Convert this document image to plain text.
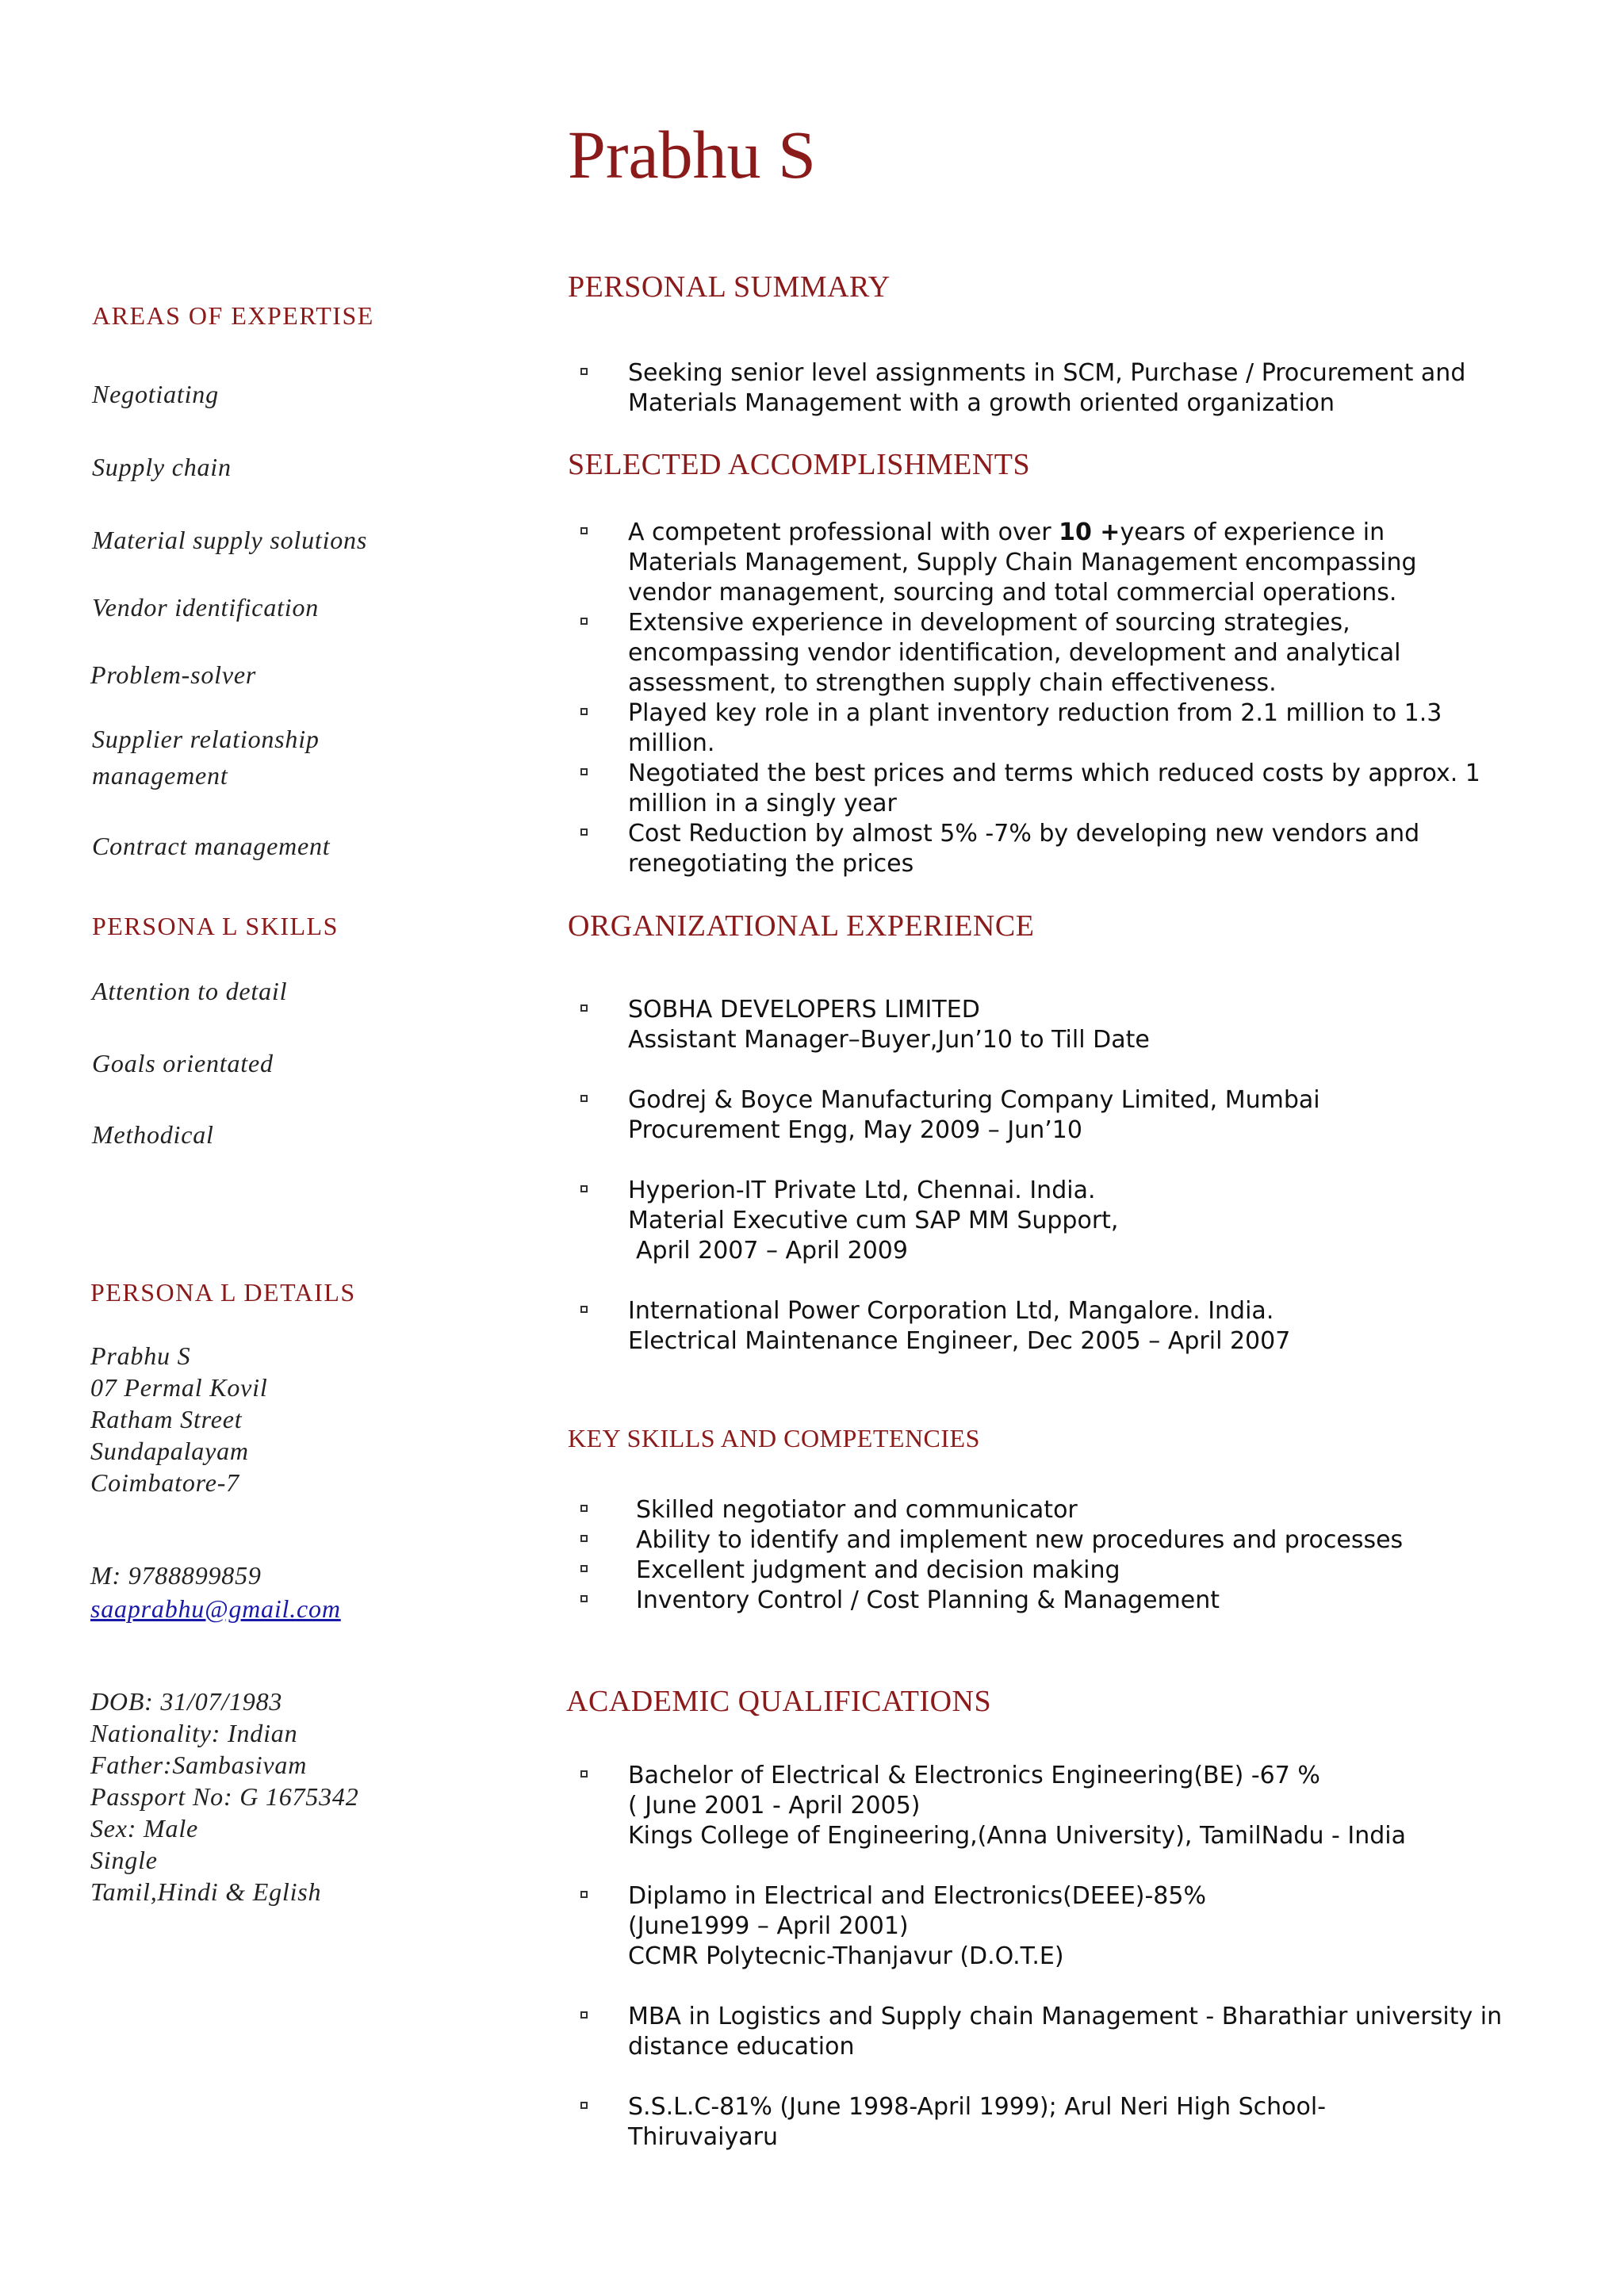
Prabhu S
AREAS OF EXPERTISE
Negotiating
Supply chain
Material supply solutions
Vendor identification
Problem-solver
Supplier relationship management
Contract management
PERSONA L SKILLS
Attention to detail
Goals orientated
Methodical
PERSONA L DETAILS
Prabhu S
07 Permal Kovil
Ratham Street
Sundapalayam
Coimbatore-7
M: 9788899859
saaprabhu@gmail.com
DOB: 31/07/1983
Nationality: Indian
Father:Sambasivam
Passport No: G 1675342
Sex: Male
Single
Tamil,Hindi & Eglish
PERSONAL SUMMARY
Seeking senior level assignments in SCM, Purchase / Procurement and
Materials Management with a growth oriented organization
SELECTED ACCOMPLISHMENTS
A competent professional with over 10 +years of experience in
Materials Management, Supply Chain Management encompassing
vendor management, sourcing and total commercial operations.
Extensive experience in development of sourcing strategies,
encompassing vendor identification, development and analytical
assessment, to strengthen supply chain effectiveness.
Played key role in a plant inventory reduction from 2.1 million to 1.3
million.
Negotiated the best prices and terms which reduced costs by approx. 1
million in a singly year
Cost Reduction by almost 5% -7% by developing new vendors and
renegotiating the prices
ORGANIZATIONAL EXPERIENCE
SOBHA DEVELOPERS LIMITED
Assistant Manager–Buyer,Jun’10 to Till Date
Godrej & Boyce Manufacturing Company Limited, Mumbai
Procurement Engg, May 2009 – Jun’10
Hyperion-IT Private Ltd, Chennai. India.
Material Executive cum SAP MM Support,
April 2007 – April 2009
International Power Corporation Ltd, Mangalore. India.
Electrical Maintenance Engineer, Dec 2005 – April 2007
KEY SKILLS AND COMPETENCIES
Skilled negotiator and communicator
Ability to identify and implement new procedures and processes
Excellent judgment and decision making
Inventory Control / Cost Planning & Management
ACADEMIC QUALIFICATIONS
Bachelor of Electrical & Electronics Engineering(BE) -67 %
( June 2001 - April 2005)
Kings College of Engineering,(Anna University), TamilNadu - India
Diplamo in Electrical and Electronics(DEEE)-85%
(June1999 – April 2001)
CCMR Polytecnic-Thanjavur (D.O.T.E)
MBA in Logistics and Supply chain Management - Bharathiar university in
distance education
S.S.L.C-81% (June 1998-April 1999); Arul Neri High School-
Thiruvaiyaru
